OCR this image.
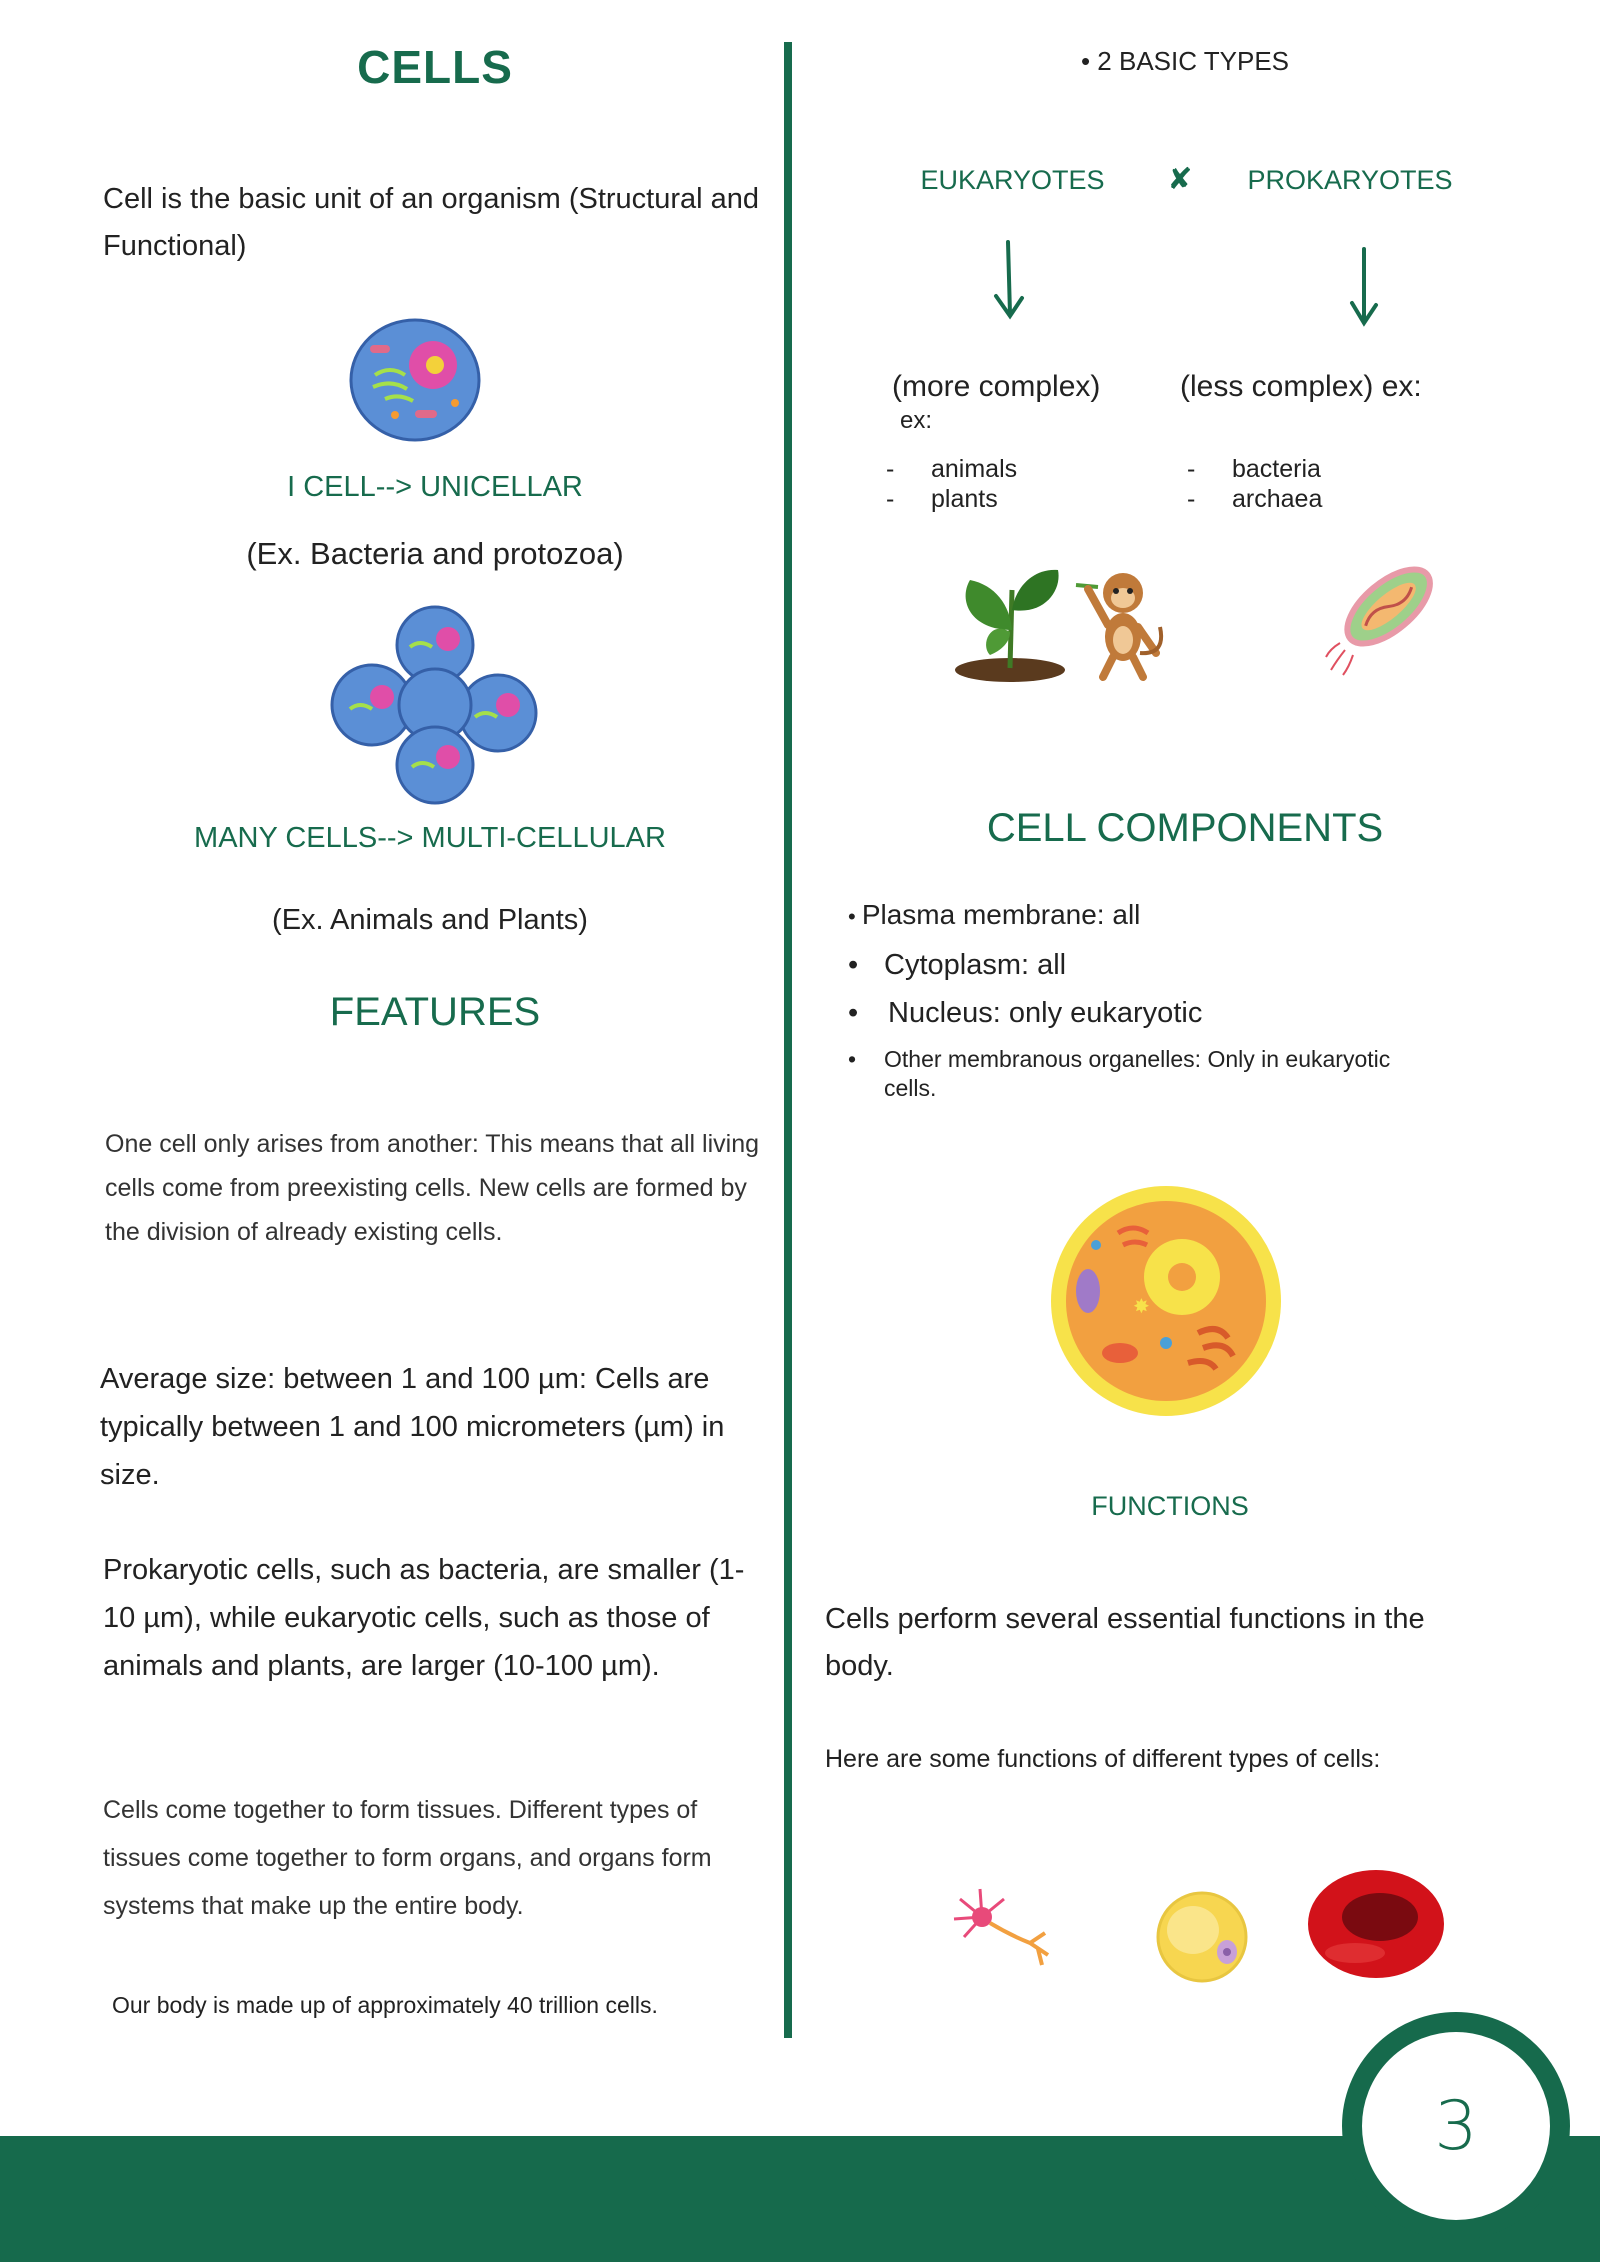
CELLS
Cell is the basic unit of an organism (Structural and Functional)
I CELL--> UNICELLAR
(Ex. Bacteria and protozoa)
MANY CELLS--> MULTI-CELLULAR
(Ex. Animals and Plants)
FEATURES
One cell only arises from another: This means that all living cells come from preexisting cells. New cells are formed by the division of already existing cells.
Average size: between 1 and 100 µm: Cells are typically between 1 and 100 micrometers (µm) in size.
Prokaryotic cells, such as bacteria, are smaller (1-10 µm), while eukaryotic cells, such as those of animals and plants, are larger (10-100 µm).
Cells come together to form tissues. Different types of tissues come together to form organs, and organs form systems that make up the entire body.
Our body is made up of approximately 40 trillion cells.
• 2 BASIC TYPES
EUKARYOTES	✘ PROKARYOTES
(more complex)
ex:
(less complex) ex:
- animals
- plants
- bacteria
- archaea
CELL COMPONENTS
• Plasma membrane: all
• Cytoplasm: all
• Nucleus: only eukaryotic
• Other membranous organelles: Only in eukaryotic cells.
✸
FUNCTIONS
Cells perform several essential functions in the body.
Here are some functions of different types of cells:
3
